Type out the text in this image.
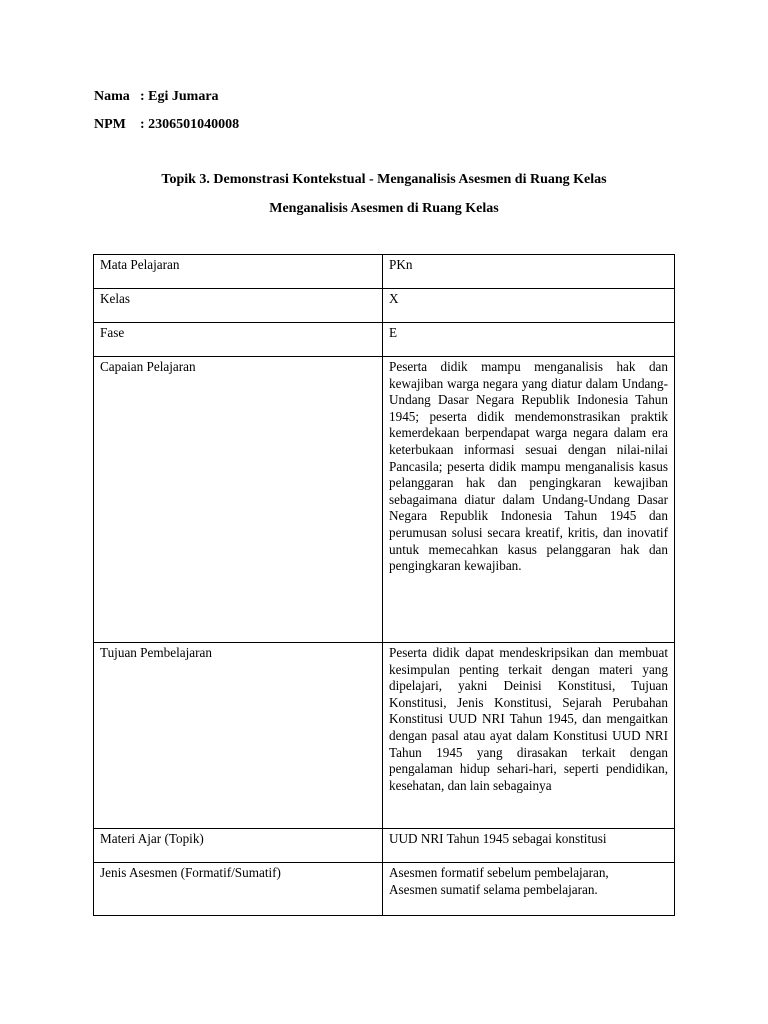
Nama : Egi Jumara
NPM : 2306501040008
Topik 3. Demonstrasi Kontekstual - Menganalisis Asesmen di Ruang Kelas
Menganalisis Asesmen di Ruang Kelas
Mata Pelajaran	PKn
Kelas	X
Fase	E
Capaian Pelajaran	Peserta didik mampu menganalisis hak dan kewajiban warga negara yang diatur dalam Undang- Undang Dasar Negara Republik Indonesia Tahun 1945; peserta didik mendemonstrasikan praktik kemerdekaan berpendapat warga negara dalam era keterbukaan informasi sesuai dengan nilai-nilai Pancasila; peserta didik mampu menganalisis kasus pelanggaran hak dan pengingkaran kewajiban sebagaimana diatur dalam Undang-Undang Dasar Negara Republik Indonesia Tahun 1945 dan perumusan solusi secara kreatif, kritis, dan inovatif untuk memecahkan kasus pelanggaran hak dan pengingkaran kewajiban.
Tujuan Pembelajaran	Peserta didik dapat mendeskripsikan dan membuat kesimpulan penting terkait dengan materi yang dipelajari, yakni Deinisi Konstitusi, Tujuan Konstitusi, Jenis Konstitusi, Sejarah Perubahan Konstitusi UUD NRI Tahun 1945, dan mengaitkan dengan pasal atau ayat dalam Konstitusi UUD NRI Tahun 1945 yang dirasakan terkait dengan pengalaman hidup sehari-hari, seperti pendidikan, kesehatan, dan lain sebagainya
Materi Ajar (Topik)	UUD NRI Tahun 1945 sebagai konstitusi
Jenis Asesmen (Formatif/Sumatif)	Asesmen formatif sebelum pembelajaran,
Asesmen sumatif selama pembelajaran.
